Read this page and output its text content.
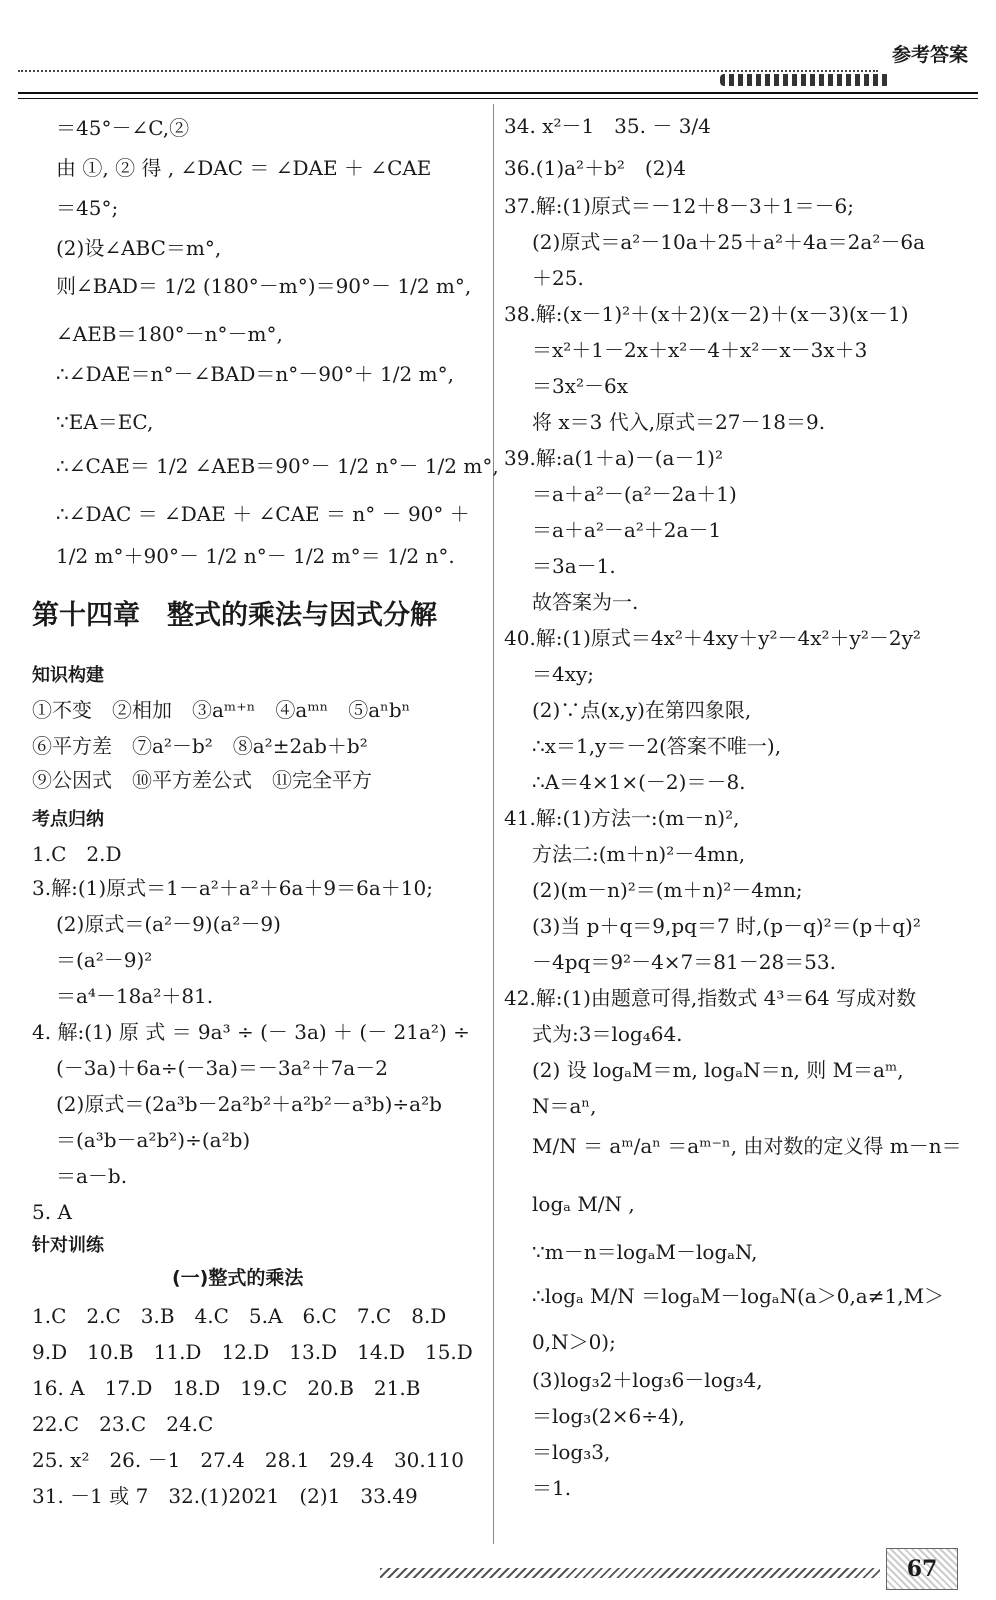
参考答案
＝45°－∠C,②
由 ①, ② 得 , ∠DAC ＝ ∠DAE ＋ ∠CAE
＝45°;
(2)设∠ABC＝m°,
则∠BAD＝ 1/2 (180°－m°)＝90°－ 1/2 m°,
∠AEB＝180°－n°－m°,
∴∠DAE＝n°－∠BAD＝n°－90°＋ 1/2 m°,
∵EA＝EC,
∴∠CAE＝ 1/2 ∠AEB＝90°－ 1/2 n°－ 1/2 m°,
∴∠DAC ＝ ∠DAE ＋ ∠CAE ＝ n° － 90° ＋
1/2 m°＋90°－ 1/2 n°－ 1/2 m°＝ 1/2 n°.
第十四章　整式的乘法与因式分解
知识构建
①不变　②相加　③aᵐ⁺ⁿ　④aᵐⁿ　⑤aⁿbⁿ
⑥平方差　⑦a²－b²　⑧a²±2ab＋b²
⑨公因式　⑩平方差公式　⑪完全平方
考点归纳
1.C　2.D
3.解:(1)原式＝1－a²＋a²＋6a＋9＝6a＋10;
(2)原式＝(a²－9)(a²－9)
＝(a²－9)²
＝a⁴－18a²＋81.
4. 解:(1) 原 式 ＝ 9a³ ÷ (－ 3a) ＋ (－ 21a²) ÷
(－3a)＋6a÷(－3a)＝－3a²＋7a－2
(2)原式＝(2a³b－2a²b²＋a²b²－a³b)÷a²b
＝(a³b－a²b²)÷(a²b)
＝a－b.
5. A
针对训练
(一)整式的乘法
1.C　2.C　3.B　4.C　5.A　6.C　7.C　8.D
9.D　10.B　11.D　12.D　13.D　14.D　15.D
16. A　17.D　18.D　19.C　20.B　21.B
22.C　23.C　24.C
25. x²　26. －1　27.4　28.1　29.4　30.110
31. －1 或 7　32.(1)2021　(2)1　33.49
34. x²－1　35. － 3/4
36.(1)a²＋b²　(2)4
37.解:(1)原式＝－12＋8－3＋1＝－6;
(2)原式＝a²－10a＋25＋a²＋4a＝2a²－6a
＋25.
38.解:(x－1)²＋(x＋2)(x－2)＋(x－3)(x－1)
＝x²＋1－2x＋x²－4＋x²－x－3x＋3
＝3x²－6x
将 x＝3 代入,原式＝27－18＝9.
39.解:a(1＋a)－(a－1)²
＝a＋a²－(a²－2a＋1)
＝a＋a²－a²＋2a－1
＝3a－1.
故答案为一.
40.解:(1)原式＝4x²＋4xy＋y²－4x²＋y²－2y²
＝4xy;
(2)∵点(x,y)在第四象限,
∴x＝1,y＝－2(答案不唯一),
∴A＝4×1×(－2)＝－8.
41.解:(1)方法一:(m－n)²,
方法二:(m＋n)²－4mn,
(2)(m－n)²＝(m＋n)²－4mn;
(3)当 p＋q＝9,pq＝7 时,(p－q)²＝(p＋q)²
－4pq＝9²－4×7＝81－28＝53.
42.解:(1)由题意可得,指数式 4³＝64 写成对数
式为:3＝log₄64.
(2) 设 logₐM＝m, logₐN＝n, 则 M＝aᵐ,
N＝aⁿ,
M/N ＝ aᵐ/aⁿ ＝aᵐ⁻ⁿ, 由对数的定义得 m－n＝
logₐ M/N ,
∵m－n＝logₐM－logₐN,
∴logₐ M/N ＝logₐM－logₐN(a＞0,a≠1,M＞
0,N＞0);
(3)log₃2＋log₃6－log₃4,
＝log₃(2×6÷4),
＝log₃3,
＝1.
67
